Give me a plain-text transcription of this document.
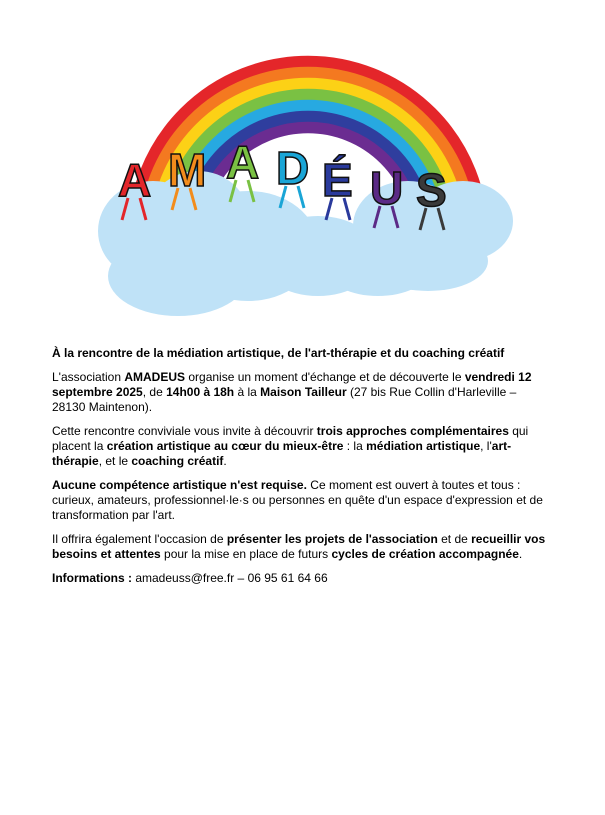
A M A D É U S

À la rencontre de la médiation artistique, de l'art-thérapie et du coaching créatif

L'association AMADEUS organise un moment d'échange et de découverte le vendredi 12 septembre 2025, de 14h00 à 18h à la Maison Tailleur (27 bis Rue Collin d'Harleville – 28130 Maintenon).

Cette rencontre conviviale vous invite à découvrir trois approches complémentaires qui placent la création artistique au cœur du mieux-être : la médiation artistique, l'art-thérapie, et le coaching créatif.

Aucune compétence artistique n'est requise. Ce moment est ouvert à toutes et tous : curieux, amateurs, professionnel·le·s ou personnes en quête d'un espace d'expression et de transformation par l'art.

Il offrira également l'occasion de présenter les projets de l'association et de recueillir vos besoins et attentes pour la mise en place de futurs cycles de création accompagnée.

Informations : amadeuss@free.fr – 06 95 61 64 66
